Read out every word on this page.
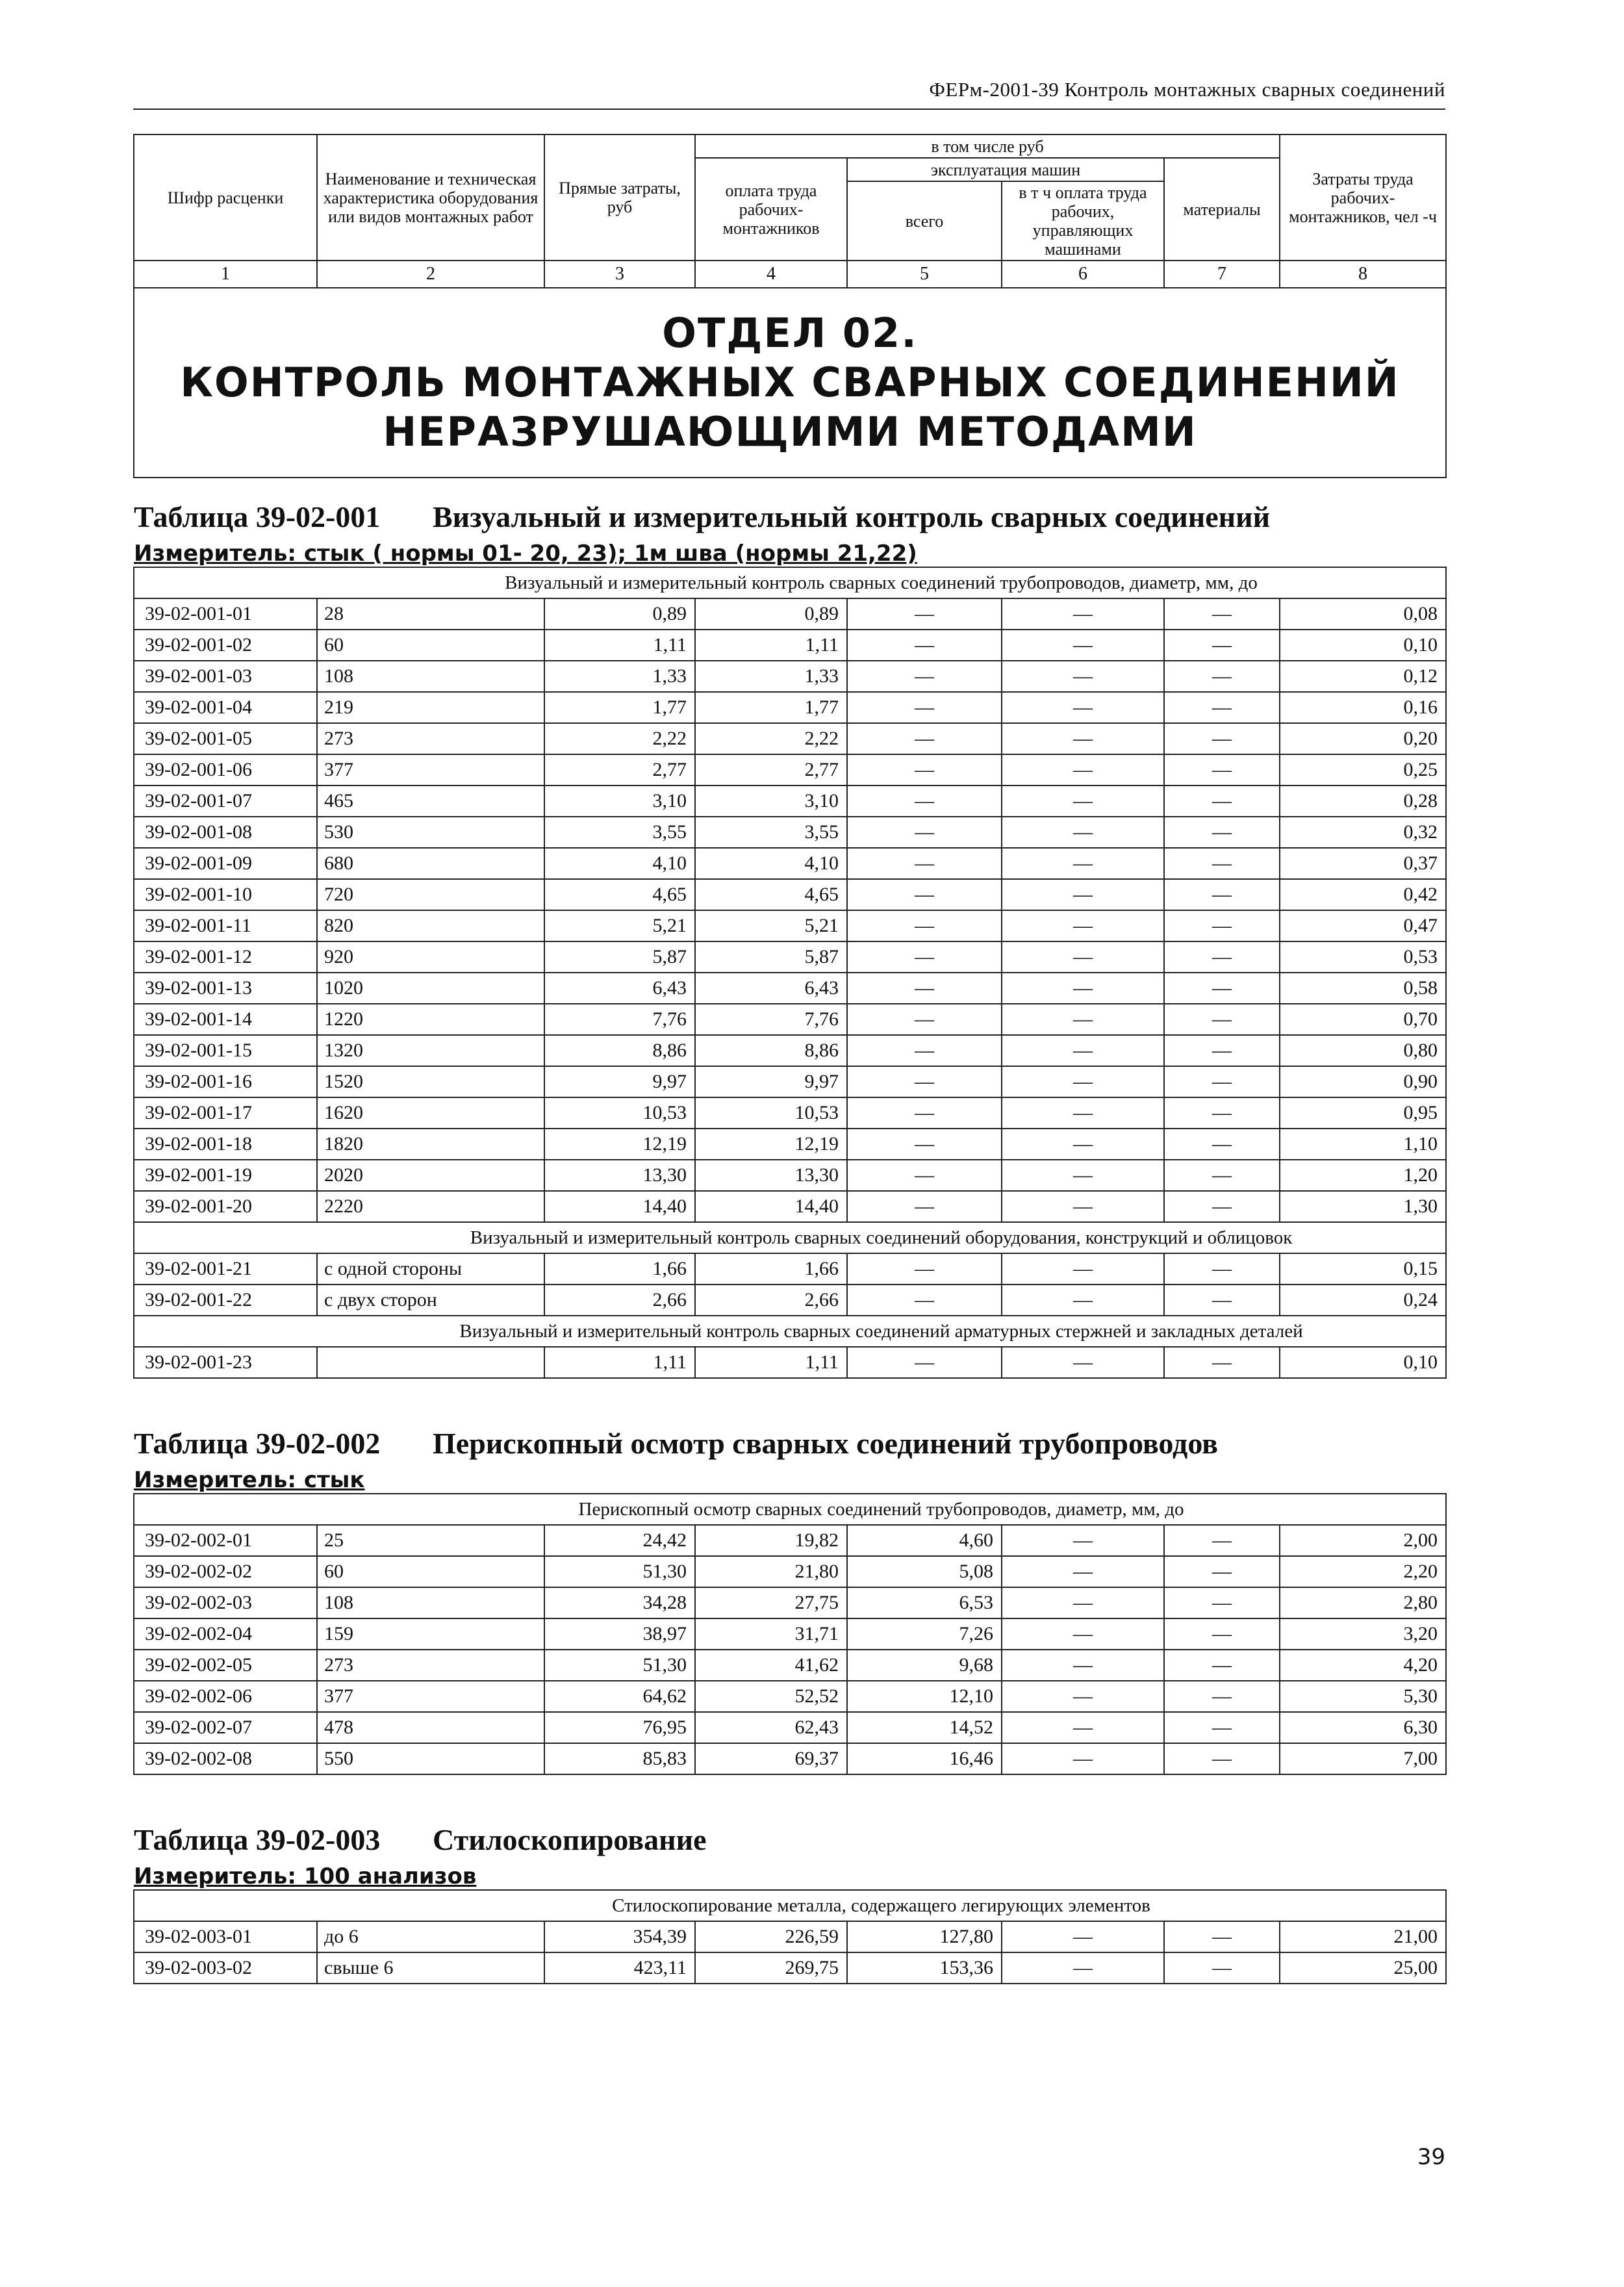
ФЕРм-2001-39 Контроль монтажных сварных соединений
Шифр расценки	Наименование и техническая характеристика оборудования или видов монтажных работ	Прямые затраты, руб	в том числе руб				Затраты труда рабочих-монтажников, чел -ч
			оплата труда рабочих-монтажников	эксплуатация машин		материалы	
				всего	в т ч оплата труда рабочих, управляющих машинами		
1	2	3	4	5	6	7	8

ОТДЕЛ 02.
КОНТРОЛЬ МОНТАЖНЫХ СВАРНЫХ СОЕДИНЕНИЙ
НЕРАЗРУШАЮЩИМИ МЕТОДАМИ							

Таблица 39-02-001 Визуальный и измерительный контроль сварных соединений							
Измеритель: стык ( нормы 01- 20, 23); 1м шва (нормы 21,22)							
	Визуальный и измерительный контроль сварных соединений трубопроводов, диаметр, мм, до						
39-02-001-01	28	0,89	0,89	—	—	—	0,08
39-02-001-02	60	1,11	1,11	—	—	—	0,10
39-02-001-03	108	1,33	1,33	—	—	—	0,12
39-02-001-04	219	1,77	1,77	—	—	—	0,16
39-02-001-05	273	2,22	2,22	—	—	—	0,20
39-02-001-06	377	2,77	2,77	—	—	—	0,25
39-02-001-07	465	3,10	3,10	—	—	—	0,28
39-02-001-08	530	3,55	3,55	—	—	—	0,32
39-02-001-09	680	4,10	4,10	—	—	—	0,37
39-02-001-10	720	4,65	4,65	—	—	—	0,42
39-02-001-11	820	5,21	5,21	—	—	—	0,47
39-02-001-12	920	5,87	5,87	—	—	—	0,53
39-02-001-13	1020	6,43	6,43	—	—	—	0,58
39-02-001-14	1220	7,76	7,76	—	—	—	0,70
39-02-001-15	1320	8,86	8,86	—	—	—	0,80
39-02-001-16	1520	9,97	9,97	—	—	—	0,90
39-02-001-17	1620	10,53	10,53	—	—	—	0,95
39-02-001-18	1820	12,19	12,19	—	—	—	1,10
39-02-001-19	2020	13,30	13,30	—	—	—	1,20
39-02-001-20	2220	14,40	14,40	—	—	—	1,30
	Визуальный и измерительный контроль сварных соединений оборудования, конструкций и облицовок						
39-02-001-21	с одной стороны	1,66	1,66	—	—	—	0,15
39-02-001-22	с двух сторон	2,66	2,66	—	—	—	0,24
	Визуальный и измерительный контроль сварных соединений арматурных стержней и закладных деталей						
39-02-001-23		1,11	1,11	—	—	—	0,10

Таблица 39-02-002 Перископный осмотр сварных соединений трубопроводов							
Измеритель: стык							
	Перископный осмотр сварных соединений трубопроводов, диаметр, мм, до						
39-02-002-01	25	24,42	19,82	4,60	—	—	2,00
39-02-002-02	60	51,30	21,80	5,08	—	—	2,20
39-02-002-03	108	34,28	27,75	6,53	—	—	2,80
39-02-002-04	159	38,97	31,71	7,26	—	—	3,20
39-02-002-05	273	51,30	41,62	9,68	—	—	4,20
39-02-002-06	377	64,62	52,52	12,10	—	—	5,30
39-02-002-07	478	76,95	62,43	14,52	—	—	6,30
39-02-002-08	550	85,83	69,37	16,46	—	—	7,00

Таблица 39-02-003 Стилоскопирование							
Измеритель: 100 анализов							
	Стилоскопирование металла, содержащего легирующих элементов						
39-02-003-01	до 6	354,39	226,59	127,80	—	—	21,00
39-02-003-02	свыше 6	423,11	269,75	153,36	—	—	25,00
39
